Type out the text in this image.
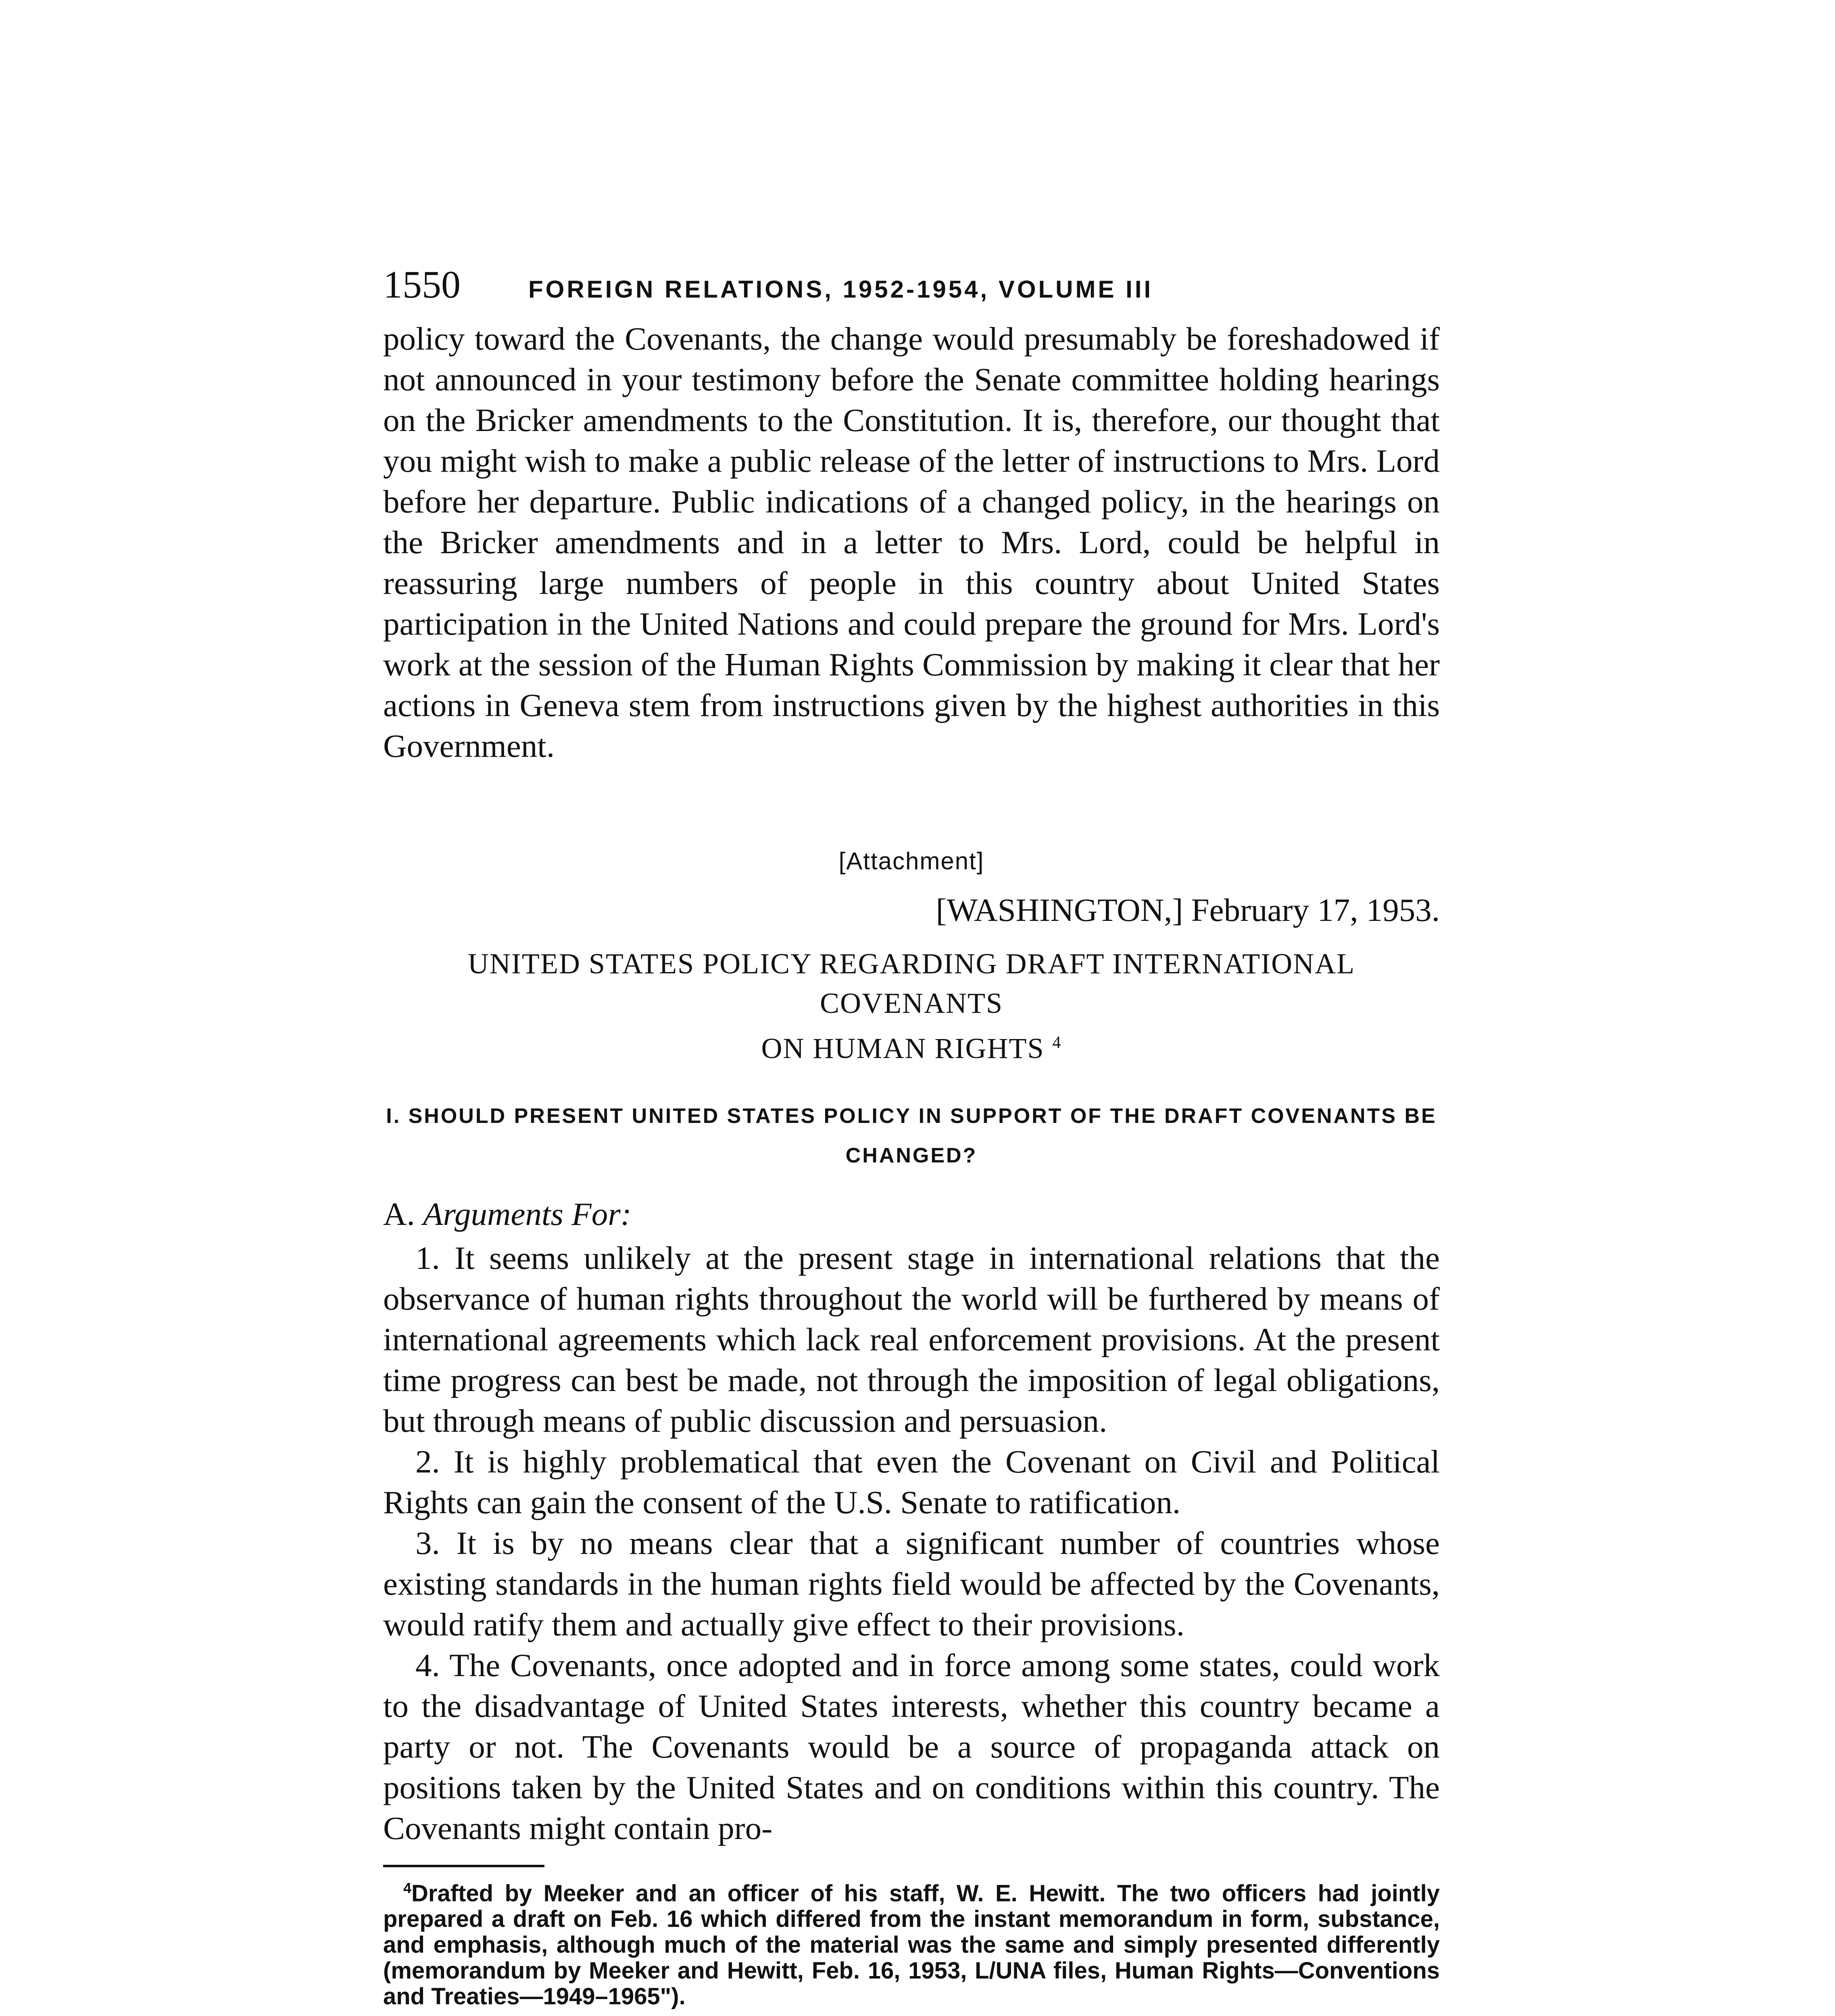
1550	FOREIGN RELATIONS, 1952-1954, VOLUME III

policy toward the Covenants, the change would presumably be foreshadowed if not announced in your testimony before the Senate committee holding hearings on the Bricker amendments to the Constitution. It is, therefore, our thought that you might wish to make a public release of the letter of instructions to Mrs. Lord before her departure. Public indications of a changed policy, in the hearings on the Bricker amendments and in a letter to Mrs. Lord, could be helpful in reassuring large numbers of people in this country about United States participation in the United Nations and could prepare the ground for Mrs. Lord's work at the session of the Human Rights Commission by making it clear that her actions in Geneva stem from instructions given by the highest authorities in this Government.

[Attachment]
[WASHINGTON,] February 17, 1953.
UNITED STATES POLICY REGARDING DRAFT INTERNATIONAL COVENANTS
ON HUMAN RIGHTS $^4$
I. SHOULD PRESENT UNITED STATES POLICY IN SUPPORT OF THE DRAFT COVENANTS BE CHANGED?
A. Arguments For:

1. It seems unlikely at the present stage in international relations that the observance of human rights throughout the world will be furthered by means of international agreements which lack real enforcement provisions. At the present time progress can best be made, not through the imposition of legal obligations, but through means of public discussion and persuasion.

2. It is highly problematical that even the Covenant on Civil and Political Rights can gain the consent of the U.S. Senate to ratification.

3. It is by no means clear that a significant number of countries whose existing standards in the human rights field would be affected by the Covenants, would ratify them and actually give effect to their provisions.

4. The Covenants, once adopted and in force among some states, could work to the disadvantage of United States interests, whether this country became a party or not. The Covenants would be a source of propaganda attack on positions taken by the United States and on conditions within this country. The Covenants might contain pro-

$^4$Drafted by Meeker and an officer of his staff, W. E. Hewitt. The two officers had jointly prepared a draft on Feb. 16 which differed from the instant memorandum in form, substance, and emphasis, although much of the material was the same and simply presented differently (memorandum by Meeker and Hewitt, Feb. 16, 1953, L/UNA files, Human Rights—Conventions and Treaties—1949–1965").
